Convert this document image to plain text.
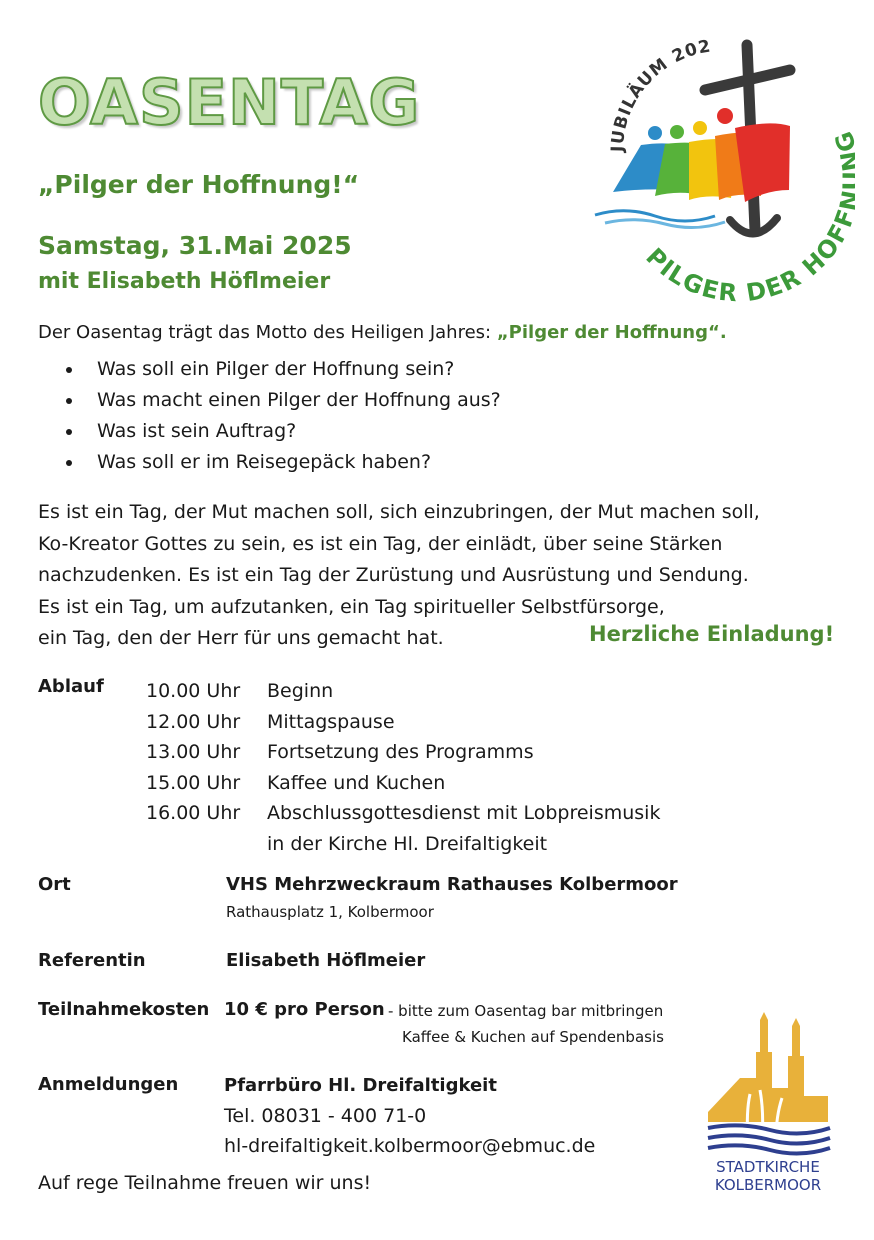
OASENTAG
„Pilger der Hoffnung!“
Samstag, 31.Mai 2025
mit Elisabeth Höflmeier
JUBILÄUM 202
PILGER DER HOF
Der Oasentag trägt das Motto des Heiligen Jahres: „Pilger der Hoffnung“.
Was soll ein Pilger der Hoffnung sein?
Was macht einen Pilger der Hoffnung aus?
Was ist sein Auftrag?
Was soll er im Reisegepäck haben?
Es ist ein Tag, der Mut machen soll, sich einzubringen, der Mut machen soll,
Ko-Kreator Gottes zu sein, es ist ein Tag, der einlädt, über seine Stärken
nachzudenken. Es ist ein Tag der Zurüstung und Ausrüstung und Sendung.
Es ist ein Tag, um aufzutanken, ein Tag spiritueller Selbstfürsorge,
ein Tag, den der Herr für uns gemacht hat.	Herzliche Einladung!
Ablauf 10.00 Uhr	Beginn
12.00 Uhr	Mittagspause
13.00 Uhr	Fortsetzung des Programms
15.00 Uhr	Kaffee und Kuchen
16.00 Uhr	Abschlussgottesdienst mit Lobpreismusik
in der Kirche Hl. Dreifaltigkeit
Ort	VHS Mehrzweckraum Rathauses Kolbermoor
Rathausplatz 1, Kolbermoor
Referentin	Elisabeth Höflmeier
Teilnahmekosten 10 € pro Person - bitte zum Oasentag bar mitbringen
Kaffee & Kuchen auf Spendenbasis
Anmeldungen	Pfarrbüro Hl. Dreifaltigkeit
Tel. 08031 - 400 71-0
hl-dreifaltigkeit.kolbermoor@ebmuc.de
Auf rege Teilnahme freuen wir uns!
STADTKIRCHE
KOLBERMOOR
